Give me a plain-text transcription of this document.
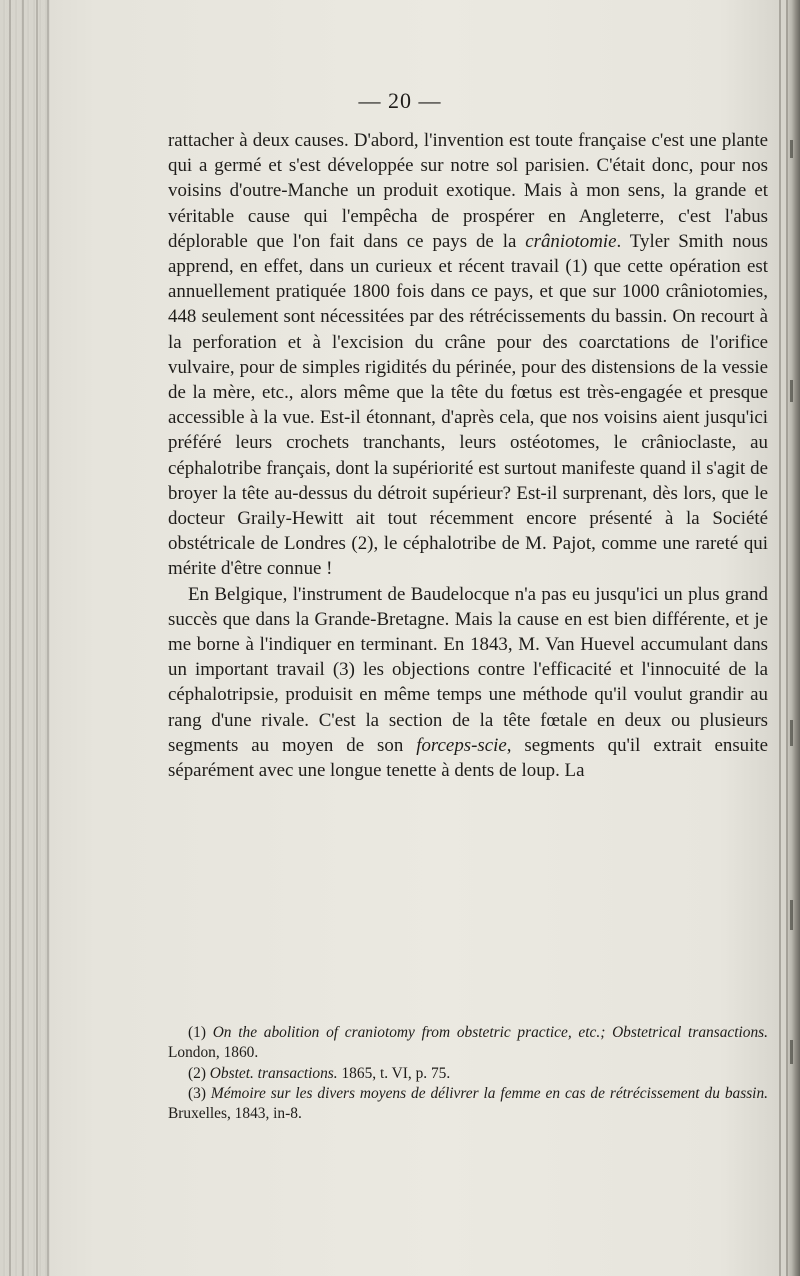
— 20 —

rattacher à deux causes. D'abord, l'invention est toute française c'est une plante qui a germé et s'est développée sur notre sol parisien. C'était donc, pour nos voisins d'outre-Manche un produit exotique. Mais à mon sens, la grande et véritable cause qui l'empêcha de prospérer en Angleterre, c'est l'abus déplorable que l'on fait dans ce pays de la crâniotomie. Tyler Smith nous apprend, en effet, dans un curieux et récent travail (1) que cette opération est annuellement pratiquée 1800 fois dans ce pays, et que sur 1000 crâniotomies, 448 seulement sont nécessitées par des rétrécissements du bassin. On recourt à la perforation et à l'excision du crâne pour des coarctations de l'orifice vulvaire, pour de simples rigidités du périnée, pour des distensions de la vessie de la mère, etc., alors même que la tête du fœtus est très-engagée et presque accessible à la vue. Est-il étonnant, d'après cela, que nos voisins aient jusqu'ici préféré leurs crochets tranchants, leurs ostéotomes, le crânioclaste, au céphalotribe français, dont la supériorité est surtout manifeste quand il s'agit de broyer la tête au-dessus du détroit supérieur? Est-il surprenant, dès lors, que le docteur Graily-Hewitt ait tout récemment encore présenté à la Société obstétricale de Londres (2), le céphalotribe de M. Pajot, comme une rareté qui mérite d'être connue !

En Belgique, l'instrument de Baudelocque n'a pas eu jusqu'ici un plus grand succès que dans la Grande-Bretagne. Mais la cause en est bien différente, et je me borne à l'indiquer en terminant. En 1843, M. Van Huevel accumulant dans un important travail (3) les objections contre l'efficacité et l'innocuité de la céphalotripsie, produisit en même temps une méthode qu'il voulut grandir au rang d'une rivale. C'est la section de la tête fœtale en deux ou plusieurs segments au moyen de son forceps-scie, segments qu'il extrait ensuite séparément avec une longue tenette à dents de loup. La

(1) On the abolition of craniotomy from obstetric practice, etc.; Obstetrical transactions. London, 1860.

(2) Obstet. transactions. 1865, t. VI, p. 75.

(3) Mémoire sur les divers moyens de délivrer la femme en cas de rétrécissement du bassin. Bruxelles, 1843, in-8.
